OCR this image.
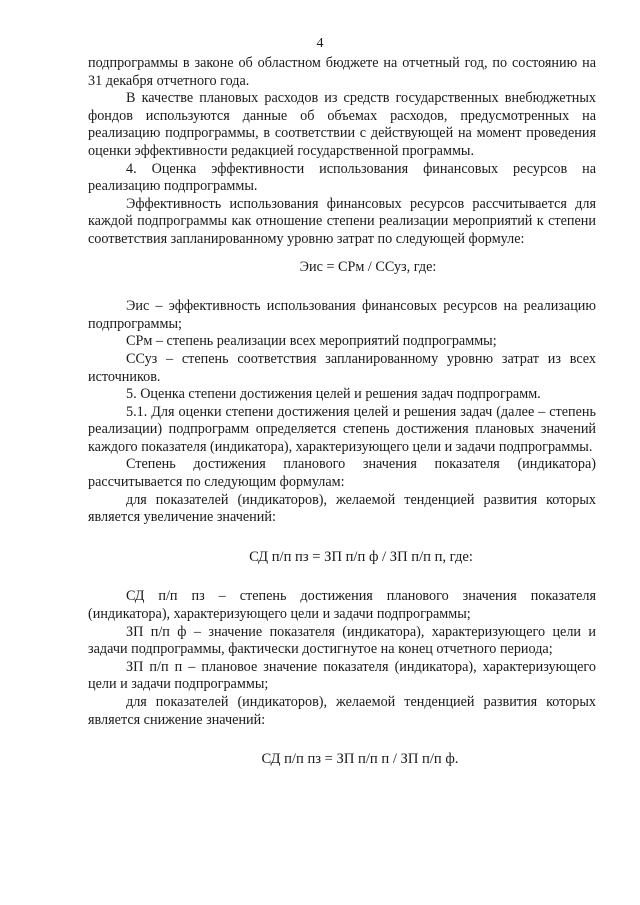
4

подпрограммы в законе об областном бюджете на отчетный год, по состоянию на 31 декабря отчетного года.

В качестве плановых расходов из средств государственных внебюджетных фондов используются данные об объемах расходов, предусмотренных на реализацию подпрограммы, в соответствии с действующей на момент проведения оценки эффективности редакцией государственной программы.

4. Оценка эффективности использования финансовых ресурсов на реализацию подпрограммы.

Эффективность использования финансовых ресурсов рассчитывается для каждой подпрограммы как отношение степени реализации мероприятий к степени соответствия запланированному уровню затрат по следующей формуле:

Эис = СРм / ССуз, где:

Эис – эффективность использования финансовых ресурсов на реализацию подпрограммы;

СРм – степень реализации всех мероприятий подпрограммы;

ССуз – степень соответствия запланированному уровню затрат из всех источников.

5. Оценка степени достижения целей и решения задач подпрограмм.

5.1. Для оценки степени достижения целей и решения задач (далее – степень реализации) подпрограмм определяется степень достижения плановых значений каждого показателя (индикатора), характеризующего цели и задачи подпрограммы.

Степень достижения планового значения показателя (индикатора) рассчитывается по следующим формулам:

для показателей (индикаторов), желаемой тенденцией развития которых является увеличение значений:

СД п/п пз = ЗП п/п ф / ЗП п/п п, где:

СД п/п пз – степень достижения планового значения показателя (индикатора), характеризующего цели и задачи подпрограммы;

ЗП п/п ф – значение показателя (индикатора), характеризующего цели и задачи подпрограммы, фактически достигнутое на конец отчетного периода;

ЗП п/п п – плановое значение показателя (индикатора), характеризующего цели и задачи подпрограммы;

для показателей (индикаторов), желаемой тенденцией развития которых является снижение значений:

СД п/п пз = ЗП п/п п / ЗП п/п ф.
